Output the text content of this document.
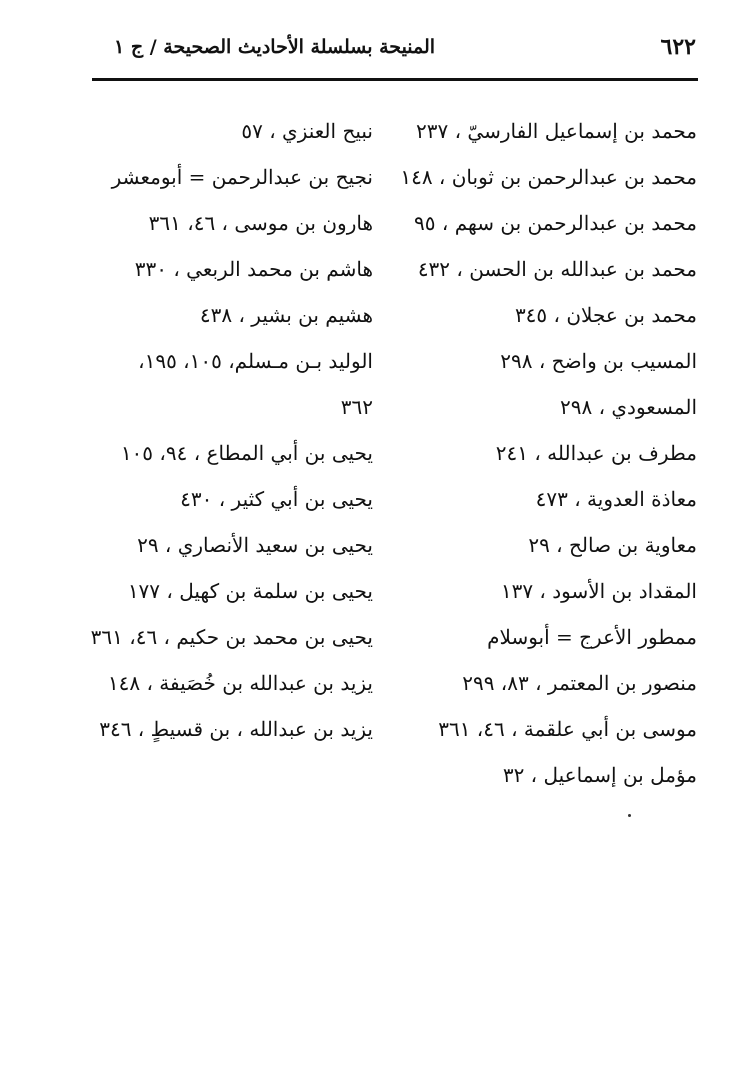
٦٢٢
المنيحة بسلسلة الأحاديث الصحيحة / ج ١
محمد بن إسماعيل الفارسيّ ، ٢٣٧
محمد بن عبدالرحمن بن ثوبان ، ١٤٨
محمد بن عبدالرحمن بن سهم ، ٩٥
محمد بن عبدالله بن الحسن ، ٤٣٢
محمد بن عجلان ، ٣٤٥
المسيب بن واضح ، ٢٩٨
المسعودي ، ٢٩٨
مطرف بن عبدالله ، ٢٤١
معاذة العدوية ، ٤٧٣
معاوية بن صالح ، ٢٩
المقداد بن الأسود ، ١٣٧
ممطور الأعرج = أبوسلام
منصور بن المعتمر ، ٨٣، ٢٩٩
موسى بن أبي علقمة ، ٤٦، ٣٦١
مؤمل بن إسماعيل ، ٣٢
نبيح العنزي ، ٥٧
نجيح بن عبدالرحمن = أبومعشر
هارون بن موسى ، ٤٦، ٣٦١
هاشم بن محمد الربعي ، ٣٣٠
هشيم بن بشير ، ٤٣٨
الوليد بـن مـسلم، ١٠٥، ١٩٥،
٣٦٢
يحيى بن أبي المطاع ، ٩٤، ١٠٥
يحيى بن أبي كثير ، ٤٣٠
يحيى بن سعيد الأنصاري ، ٢٩
يحيى بن سلمة بن كهيل ، ١٧٧
يحيى بن محمد بن حكيم ، ٤٦، ٣٦١
يزيد بن عبدالله بن خُصَيفة ، ١٤٨
يزيد بن عبدالله ، بن قسيطٍ ، ٣٤٦
